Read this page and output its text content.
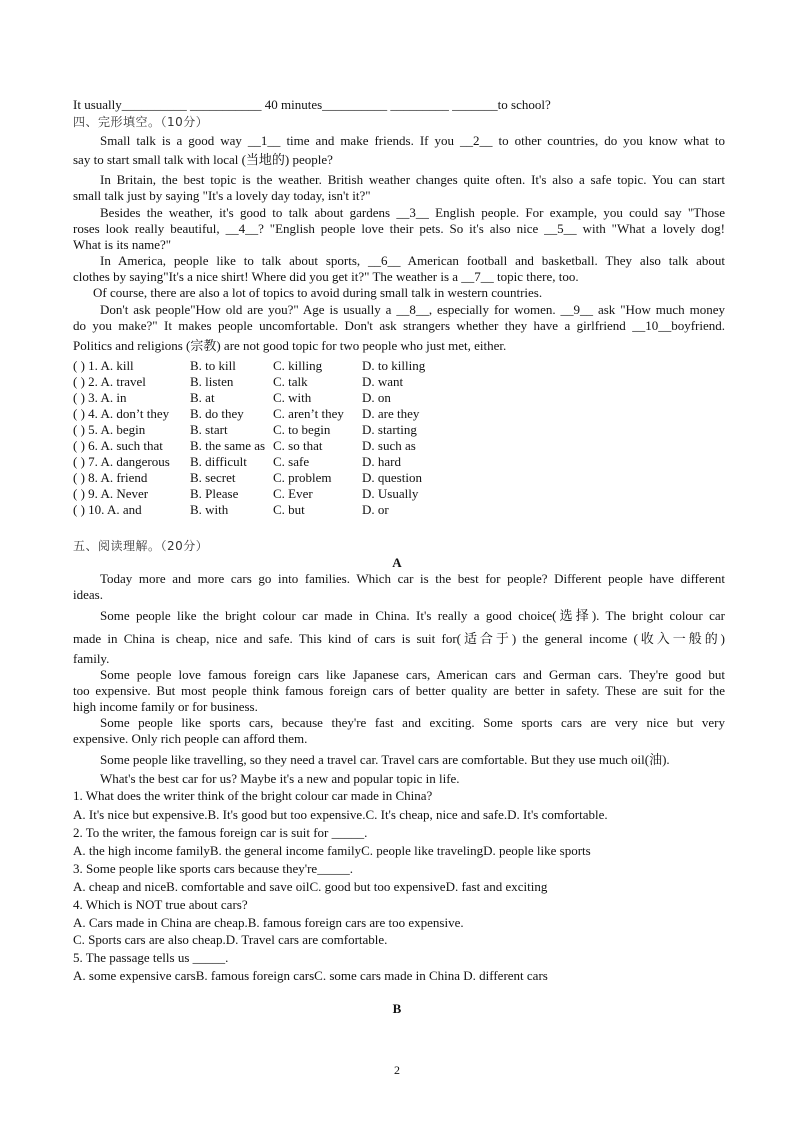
It usually__________ ___________ 40 minutes__________ _________ _______to school?
四、完形填空。（10分）
Small talk is a good way __1__ time and make friends. If you __2__ to other countries, do you know what to
say to start small talk with local (当地的) people?
In Britain, the best topic is the weather. British weather changes quite often. It's also a safe topic. You can start
small talk just by saying "It's a lovely day today, isn't it?"
Besides the weather, it's good to talk about gardens __3__ English people. For example, you could say "Those
roses look really beautiful, __4__? "English people love their pets. So it's also nice __5__ with "What a lovely dog!
What is its name?"
In America, people like to talk about sports, __6__ American football and basketball. They also talk about
clothes by saying"It's a nice shirt! Where did you get it?" The weather is a __7__ topic there, too.
Of course, there are also a lot of topics to avoid during small talk in western countries.
Don't ask people"How old are you?" Age is usually a __8__, especially for women. __9__ ask "How much money
do you make?" It makes people uncomfortable. Don't ask strangers whether they have a girlfriend __10__boyfriend.
Politics and religions (宗教) are not good topic for two people who just met, either.
( ) 1. A. kill	B. to kill	C. killing	D. to killing
( ) 2. A. travel	B. listen	C. talk	D. want
( ) 3. A. in	B. at	C. with	D. on
( ) 4. A. don’t they B. do they C. aren’t they D. are they
( ) 5. A. begin	B. start	C. to begin D. starting
( ) 6. A. such that B. the same as C. so that	D. such as
( ) 7. A. dangerous B. difficult C. safe	D. hard
( ) 8. A. friend	B. secret	C. problem D. question
( ) 9. A. Never	B. Please	C. Ever	D. Usually
( ) 10. A. and	B. with	C. but	D. or
五、阅读理解。（20分）
A
Today more and more cars go into families. Which car is the best for people? Different people have different
ideas.
Some people like the bright colour car made in China. It's really a good choice(选择). The bright colour car
made in China is cheap, nice and safe. This kind of cars is suit for(适合于) the general income (收入一般的)
family.
Some people love famous foreign cars like Japanese cars, American cars and German cars. They're good but
too expensive. But most people think famous foreign cars of better quality are better in safety. These are suit for the
high income family or for business.
Some people like sports cars, because they're fast and exciting. Some sports cars are very nice but very
expensive. Only rich people can afford them.
Some people like travelling, so they need a travel car. Travel cars are comfortable. But they use much oil(油).
What's the best car for us? Maybe it's a new and popular topic in life.
1. What does the writer think of the bright colour car made in China?
A. It's nice but expensive.B. It's good but too expensive.C. It's cheap, nice and safe.D. It's comfortable.
2. To the writer, the famous foreign car is suit for _____.
A. the high income familyB. the general income familyC. people like travelingD. people like sports
3. Some people like sports cars because they're_____.
A. cheap and niceB. comfortable and save oilC. good but too expensiveD. fast and exciting
4. Which is NOT true about cars?
A. Cars made in China are cheap.B. famous foreign cars are too expensive.
C. Sports cars are also cheap.D. Travel cars are comfortable.
5. The passage tells us _____.
A. some expensive carsB. famous foreign carsC. some cars made in China D. different cars
B
2
